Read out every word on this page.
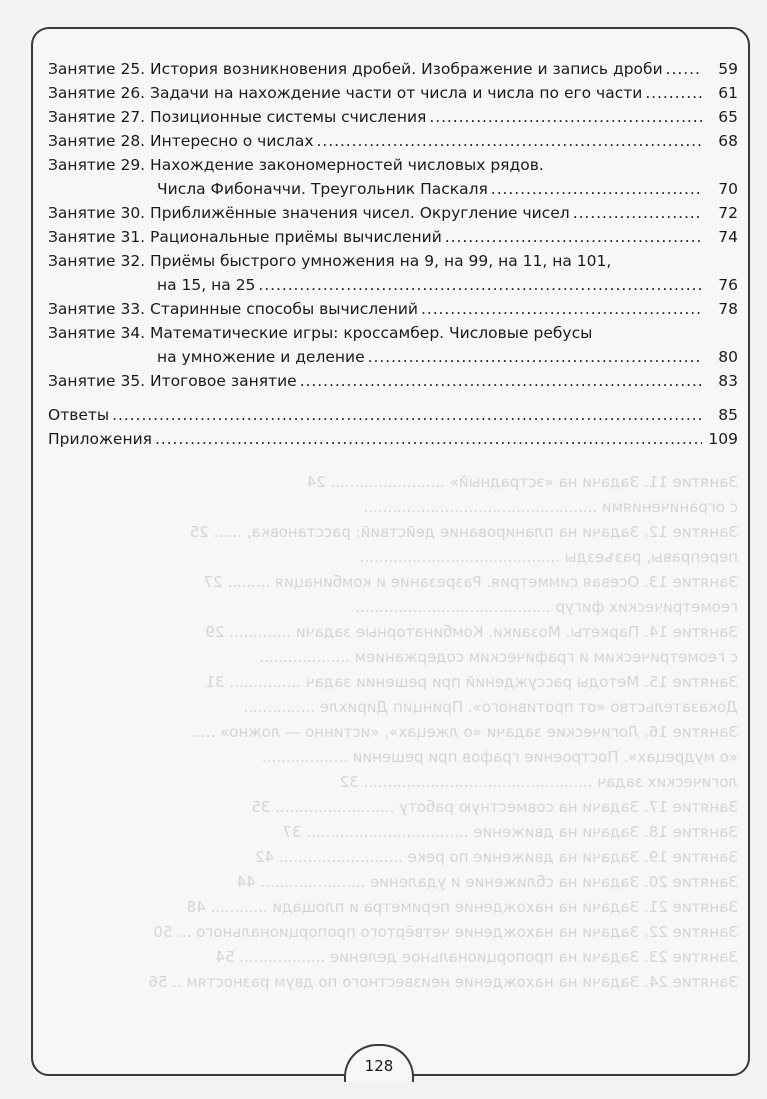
Занятие 11. Задачи на «эстрадный» ........................ 24
с ограничениями .................................................
Занятие 12. Задачи на планирование действий: расстановка, ...... 25
переправы, разъезды ..........................................
Занятие 13. Осевая симметрия. Разрезание и комбинация ......... 27
геометрических фигур .........................................
Занятие 14. Паркеты. Мозаики. Комбинаторные задачи ............. 29
с геометрическим и графическим содержанием ...................
Занятие 15. Методы рассуждений при решении задач ............... 31
Доказательство «от противного». Принцип Дирихле ...............
Занятие 16. Логические задачи «о лжецах», «истинно — ложно» .....
«о мудрецах». Построение графов при решении ..................
логических задач ................................................ 32
Занятие 17. Задачи на совместную работу ......................... 35
Занятие 18. Задачи на движение .................................. 37
Занятие 19. Задачи на движение по реке .......................... 42
Занятие 20. Задачи на сближение и удаление ...................... 44
Занятие 21. Задачи на нахождение периметра и площади ............ 48
Занятие 22. Задачи на нахождение четвёртого пропорционального ... 50
Занятие 23. Задачи на пропорциональное деление .................. 54
Занятие 24. Задачи на нахождение неизвестного по двум разностям .. 56
Занятие 25. История возникновения дробей. Изображение и запись дроби . . .	59
Занятие 26. Задачи на нахождение части от числа и числа по его части . . .	61
Занятие 27. Позиционные системы счисления . . .	65
Занятие 28. Интересно о числах . . .	68
Занятие 29. Нахождение закономерностей числовых рядов.
Числа Фибоначчи. Треугольник Паскаля . . .	70
Занятие 30. Приближённые значения чисел. Округление чисел . . .	72
Занятие 31. Рациональные приёмы вычислений . . .	74
Занятие 32. Приёмы быстрого умножения на 9, на 99, на 11, на 101,
на 15, на 25 . . .	76
Занятие 33. Старинные способы вычислений . . .	78
Занятие 34. Математические игры: кроссамбер. Числовые ребусы
на умножение и деление . . .	80
Занятие 35. Итоговое занятие . . .	83
Ответы . . .	85
Приложения . . .	109
128
